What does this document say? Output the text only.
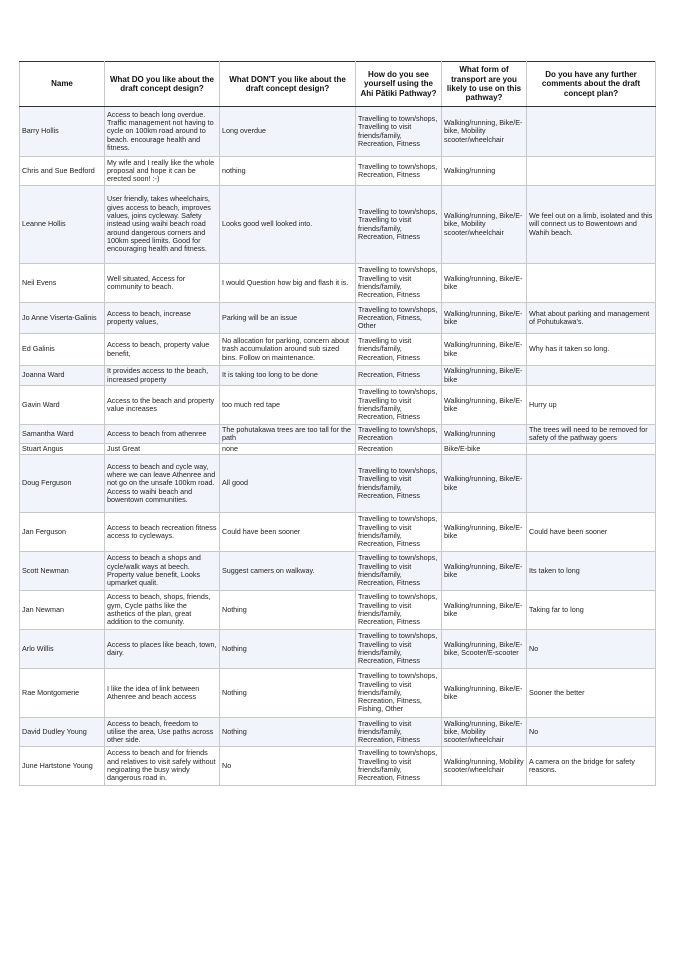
Name	What DO you like about the draft concept design?	What DON'T you like about the draft concept design?	How do you see yourself using the Ahi Pātiki Pathway?	What form of transport are you likely to use on this pathway?	Do you have any further comments about the draft concept plan?
Barry Hollis	Access to beach long overdue. Traffic management not having to cycle on 100km road around to beach. encourage health and fitness.	Long overdue	Travelling to town/shops, Travelling to visit friends/family, Recreation, Fitness	Walking/running, Bike/E-bike, Mobility scooter/wheelchair	
Chris and Sue Bedford	My wife and I really like the whole proposal and hope it can be erected soon! :-)	nothing	Travelling to town/shops, Recreation, Fitness	Walking/running	
Leanne Hollis	User friendly, takes wheelchairs, gives access to beach, improves values, joins cycleway. Safety instead using waihi beach road around dangerous corners and 100km speed limits. Good for encouraging health and fitness.	Looks good well looked into.	Travelling to town/shops, Travelling to visit friends/family, Recreation, Fitness	Walking/running, Bike/E-bike, Mobility scooter/wheelchair	We feel out on a limb, isolated and this will connect us to Bowentown and Wahih beach.
Neil Evens	Well situated, Access for community to beach.	I would Question how big and flash it is.	Travelling to town/shops, Travelling to visit friends/family, Recreation, Fitness	Walking/running, Bike/E-bike	
Jo Anne Viserta-Galinis	Access to beach, increase property values,	Parking will be an issue	Travelling to town/shops, Recreation, Fitness, Other	Walking/running, Bike/E-bike	What about parking and management of Pohutukawa's.
Ed Galinis	Access to beach, property value benefit,	No allocation for parking, concern about trash accumulation around sub sized bins. Follow on maintenance.	Travelling to visit friends/family, Recreation, Fitness	Walking/running, Bike/E-bike	Why has it taken so long.
Joanna Ward	It provides access to the beach, increased property	It is taking too long to be done	Recreation, Fitness	Walking/running, Bike/E-bike	
Gavin Ward	Access to the beach and property value increases	too much red tape	Travelling to town/shops, Travelling to visit friends/family, Recreation, Fitness	Walking/running, Bike/E-bike	Hurry up
Samantha Ward	Access to beach from athenree	The pohutakawa trees are too tall for the path	Travelling to town/shops, Recreation	Walking/running	The trees will need to be removed for safety of the pathway goers
Stuart Angus	Just Great	none	Recreation	Bike/E-bike	
Doug Ferguson	Access to beach and cycle way, where we can leave Athenree and not go on the unsafe 100km road. Access to waihi beach and bowentown communities.	All good	Travelling to town/shops, Travelling to visit friends/family, Recreation, Fitness	Walking/running, Bike/E-bike	
Jan Ferguson	Access to beach recreation fitness access to cycleways.	Could have been sooner	Travelling to town/shops, Travelling to visit friends/family, Recreation, Fitness	Walking/running, Bike/E-bike	Could have been sooner
Scott Newman	Access to beach a shops and cycle/walk ways at beech. Property value benefit, Looks upmarket qualit.	Suggest camers on walkway.	Travelling to town/shops, Travelling to visit friends/family, Recreation, Fitness	Walking/running, Bike/E-bike	Its taken to long
Jan Newman	Access to beach, shops, friends, gym, Cycle paths like the asthetics of the plan, great addition to the comunity.	Nothing	Travelling to town/shops, Travelling to visit friends/family, Recreation, Fitness	Walking/running, Bike/E-bike	Taking far to long
Arlo Willis	Access to places like beach, town, dairy.	Nothing	Travelling to town/shops, Travelling to visit friends/family, Recreation, Fitness	Walking/running, Bike/E-bike, Scooter/E-scooter	No
Rae Montgomerie	I like the idea of link between Athenree and beach access	Nothing	Travelling to town/shops, Travelling to visit friends/family, Recreation, Fitness, Fishing, Other	Walking/running, Bike/E-bike	Sooner the better
David Dudley Young	Access to beach, freedom to utilise the area, Use paths across other side.	Nothing	Travelling to visit friends/family, Recreation, Fitness	Walking/running, Bike/E-bike, Mobility scooter/wheelchair	No
June Hartstone Young	Access to beach and for friends and relatives to visit safely without negioating the busy windy dangerous road in.	No	Travelling to town/shops, Travelling to visit friends/family, Recreation, Fitness	Walking/running, Mobility scooter/wheelchair	A camera on the bridge for safety reasons.
